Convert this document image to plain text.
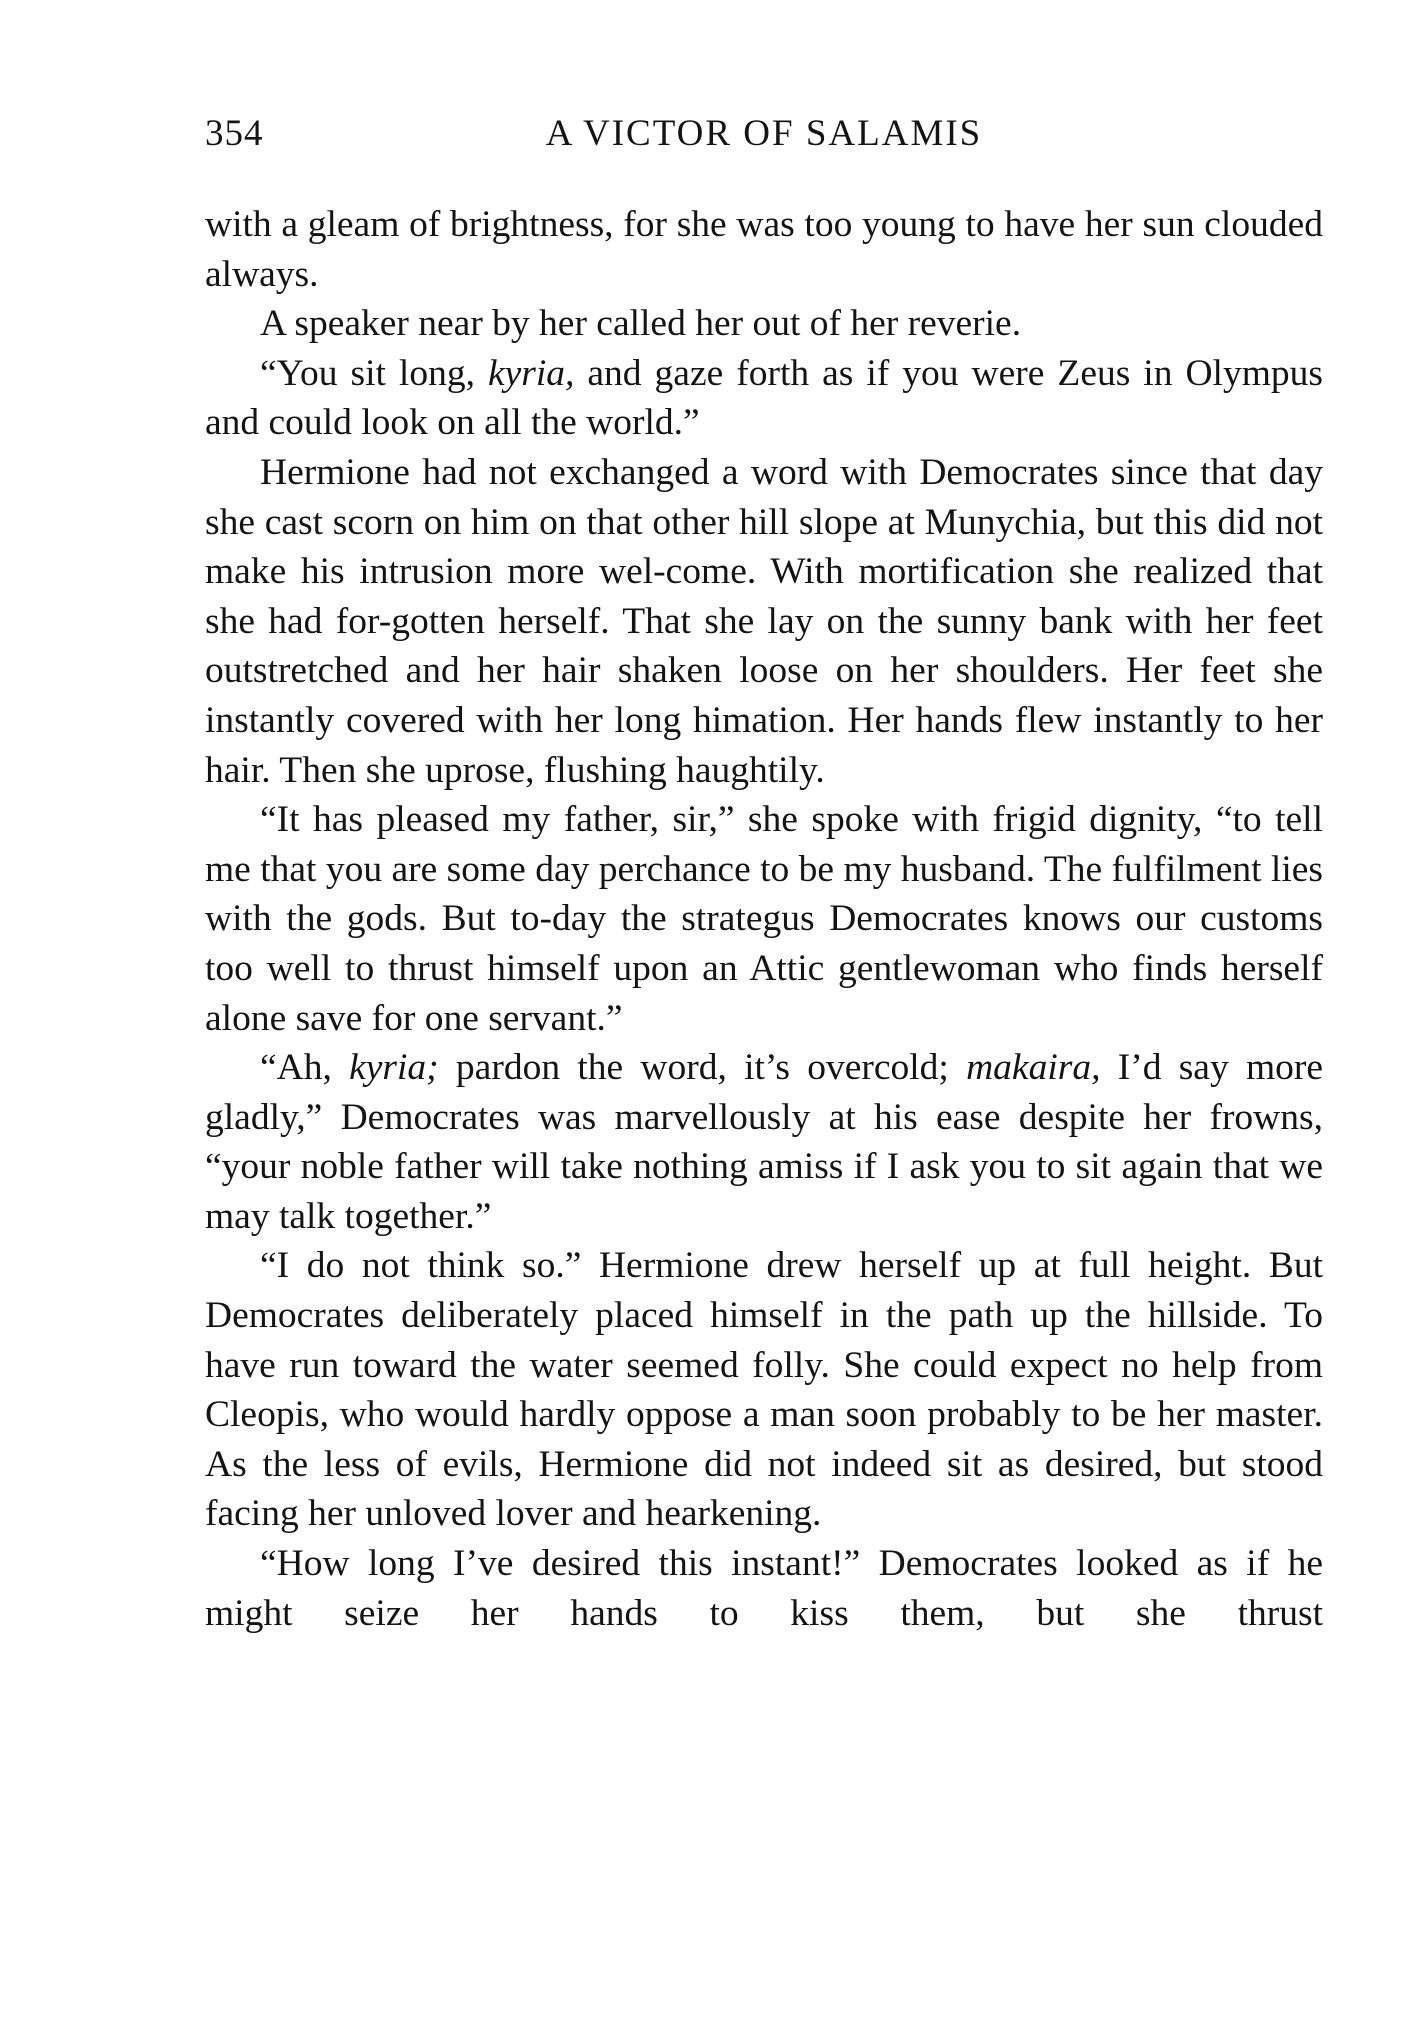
354	A VICTOR OF SALAMIS

with a gleam of brightness, for she was too young to have her sun clouded always.

A speaker near by her called her out of her reverie.

“You sit long, kyria, and gaze forth as if you were Zeus in Olympus and could look on all the world.”

Hermione had not exchanged a word with Democrates since that day she cast scorn on him on that other hill slope at Munychia, but this did not make his intrusion more wel-come. With mortification she realized that she had for-gotten herself. That she lay on the sunny bank with her feet outstretched and her hair shaken loose on her shoulders. Her feet she instantly covered with her long himation. Her hands flew instantly to her hair. Then she uprose, flushing haughtily.

“It has pleased my father, sir,” she spoke with frigid dignity, “to tell me that you are some day perchance to be my husband. The fulfilment lies with the gods. But to-day the strategus Democrates knows our customs too well to thrust himself upon an Attic gentlewoman who finds herself alone save for one servant.”

“Ah, kyria; pardon the word, it’s overcold; makaira, I’d say more gladly,” Democrates was marvellously at his ease despite her frowns, “your noble father will take nothing amiss if I ask you to sit again that we may talk together.”

“I do not think so.” Hermione drew herself up at full height. But Democrates deliberately placed himself in the path up the hillside. To have run toward the water seemed folly. She could expect no help from Cleopis, who would hardly oppose a man soon probably to be her master. As the less of evils, Hermione did not indeed sit as desired, but stood facing her unloved lover and hearkening.

“How long I’ve desired this instant!” Democrates looked as if he might seize her hands to kiss them, but she thrust
